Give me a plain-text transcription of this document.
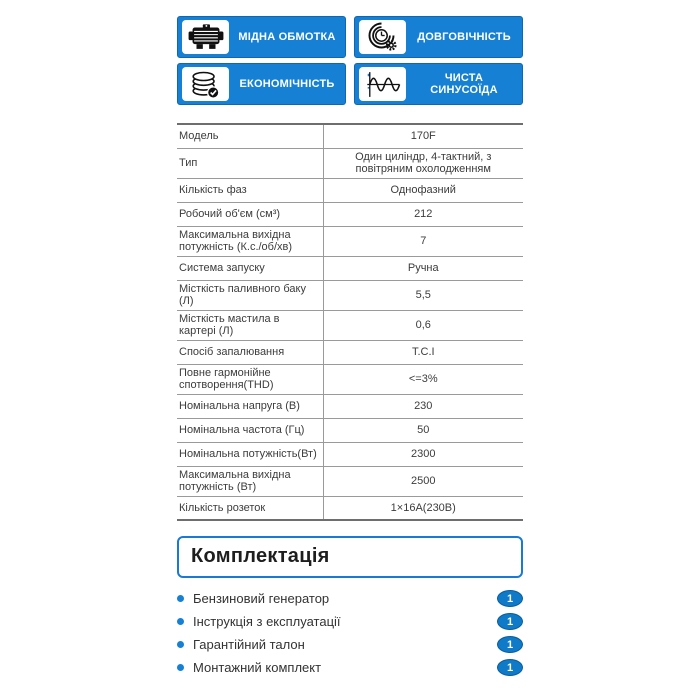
МІДНА ОБМОТКА	ДОВГОВІЧНІСТЬ
ЕКОНОМІЧНІСТЬ	ЧИСТА СИНУСОЇДА
Модель	170F
Тип	Один циліндр, 4-тактний, з повітряним охолодженням
Кількість фаз	Однофазний
Робочий об'єм (см³)	212
Максимальна вихідна потужність (К.с./об/хв)	7
Система запуску	Ручна
Місткість паливного баку (Л)	5,5
Місткість мастила в картері (Л)	0,6
Спосіб запалювання	T.C.I
Повне гармонійне спотворення(THD)	<=3%
Номінальна напруга (В)	230
Номінальна частота (Гц)	50
Номінальна потужність(Вт)	2300
Максимальна вихідна потужність (Вт)	2500
Кількість розеток	1×16А(230В)
Комплектація
Бензиновий генератор	1
Інструкція з експлуатації	1
Гарантійний талон	1
Монтажний комплект	1
